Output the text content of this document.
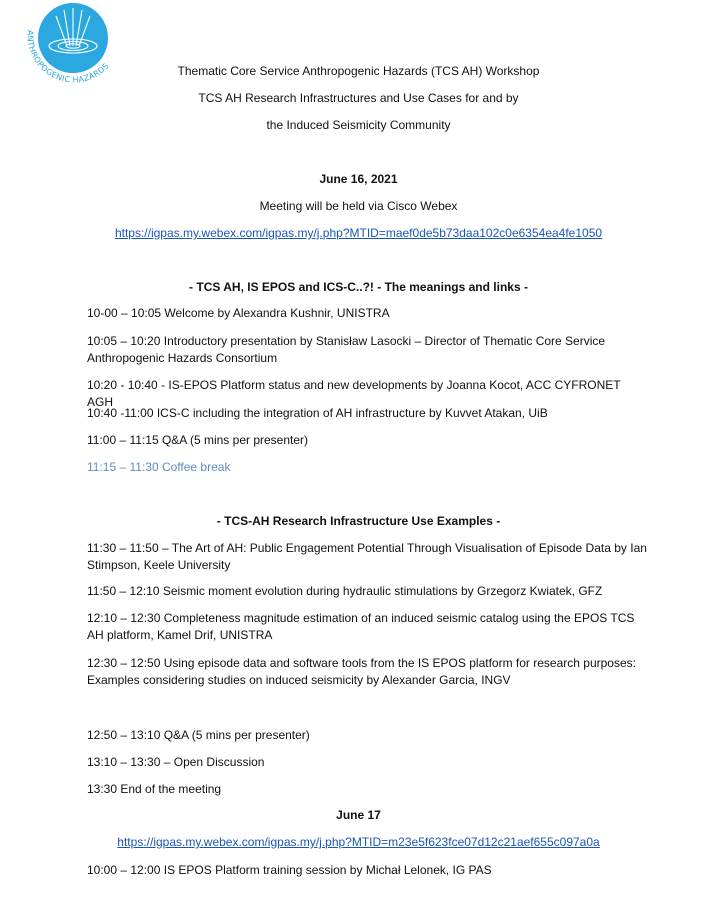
ANTHROPOGENIC HAZARDS	Thematic Core Service Anthropogenic Hazards (TCS AH) Workshop
TCS AH Research Infrastructures and Use Cases for and by
the Induced Seismicity Community
June 16, 2021
Meeting will be held via Cisco Webex
https://igpas.my.webex.com/igpas.my/j.php?MTID=maef0de5b73daa102c0e6354ea4fe1050
- TCS AH, IS EPOS and ICS-C..?! - The meanings and links -
10-00 – 10:05 Welcome by Alexandra Kushnir, UNISTRA
10:05 – 10:20 Introductory presentation by Stanisław Lasocki – Director of Thematic Core Service Anthropogenic Hazards Consortium
10:20 - 10:40 - IS-EPOS Platform status and new developments by Joanna Kocot, ACC CYFRONET AGH
10:40 -11:00 ICS-C including the integration of AH infrastructure by Kuvvet Atakan, UiB
11:00 – 11:15 Q&A (5 mins per presenter)
11:15 – 11:30 Coffee break
- TCS-AH Research Infrastructure Use Examples -
11:30 – 11:50 – The Art of AH: Public Engagement Potential Through Visualisation of Episode Data by Ian Stimpson, Keele University
11:50 – 12:10 Seismic moment evolution during hydraulic stimulations by Grzegorz Kwiatek, GFZ
12:10 – 12:30 Completeness magnitude estimation of an induced seismic catalog using the EPOS TCS AH platform, Kamel Drif, UNISTRA
12:30 – 12:50 Using episode data and software tools from the IS EPOS platform for research purposes: Examples considering studies on induced seismicity by Alexander Garcia, INGV
12:50 – 13:10 Q&A (5 mins per presenter)
13:10 – 13:30 – Open Discussion
13:30 End of the meeting
June 17
https://igpas.my.webex.com/igpas.my/j.php?MTID=m23e5f623fce07d12c21aef655c097a0a
10:00 – 12:00 IS EPOS Platform training session by Michał Lelonek, IG PAS
